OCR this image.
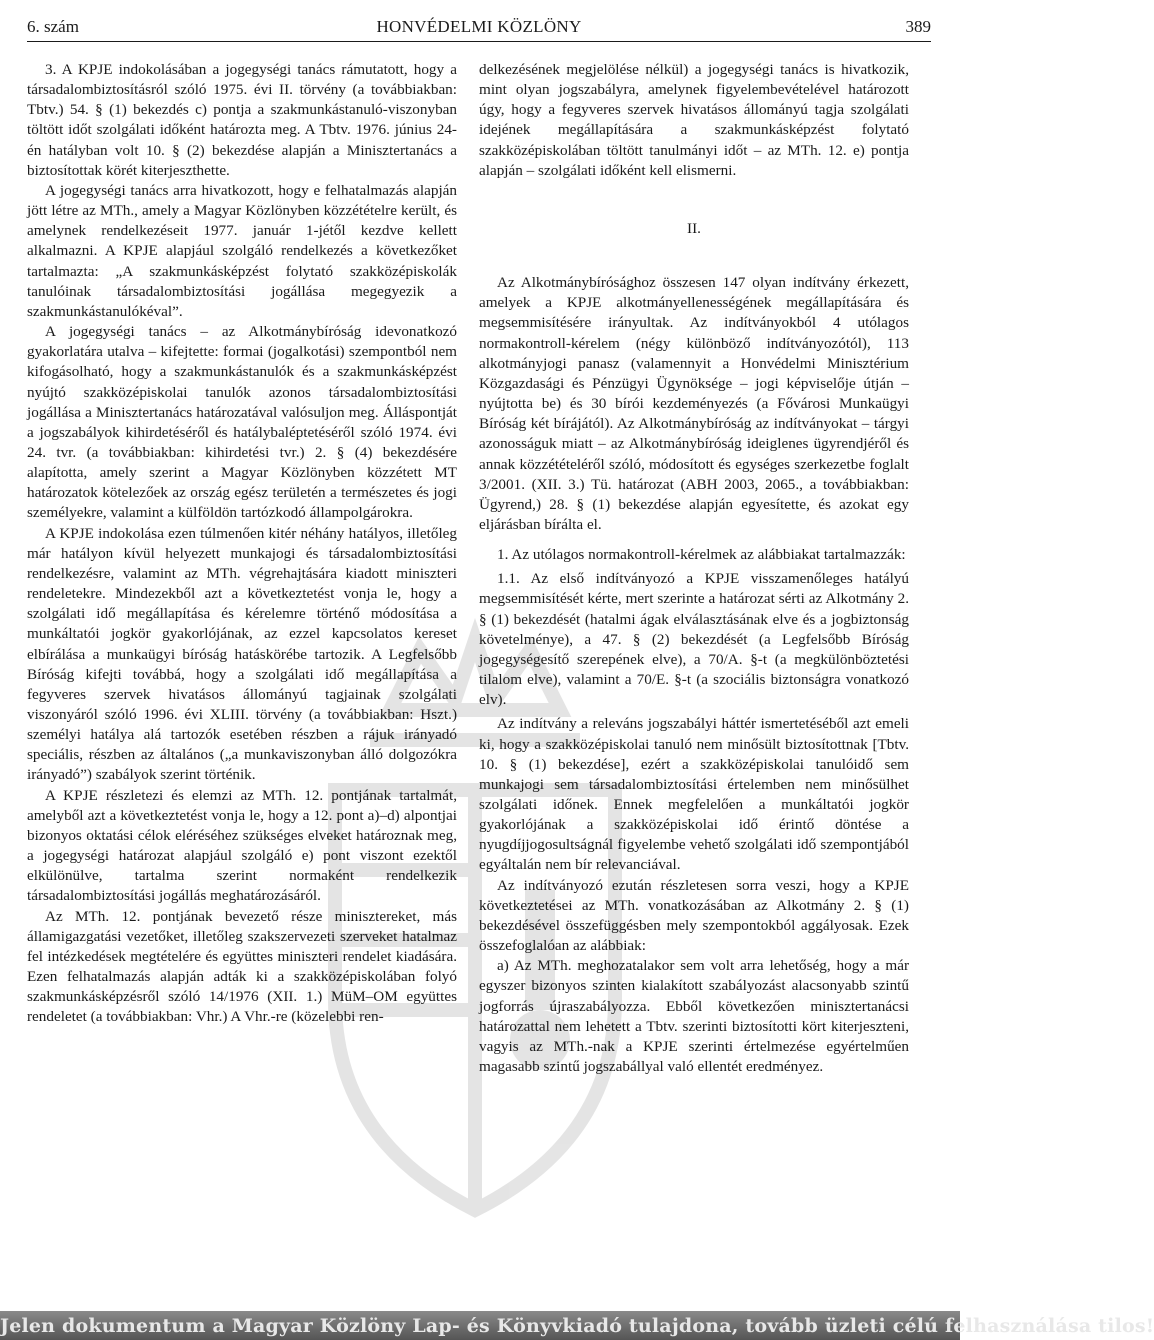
6. szám	HONVÉDELMI KÖZLÖNY	389

3. A KPJE indokolásában a jogegységi tanács rámutatott, hogy a társadalombiztosításról szóló 1975. évi II. törvény (a továbbiakban: Tbtv.) 54. § (1) bekezdés c) pontja a szakmunkástanuló-viszonyban töltött időt szolgálati időként határozta meg. A Tbtv. 1976. június 24-én hatályban volt 10. § (2) bekezdése alapján a Minisztertanács a biztosítottak körét kiterjeszthette.

A jogegységi tanács arra hivatkozott, hogy e felhatalmazás alapján jött létre az MTh., amely a Magyar Közlönyben közzétételre került, és amelynek rendelkezéseit 1977. január 1-jétől kezdve kellett alkalmazni. A KPJE alapjául szolgáló rendelkezés a következőket tartalmazta: „A szakmunkásképzést folytató szakközépiskolák tanulóinak társadalombiztosítási jogállása megegyezik a szakmunkástanulókéval”.

A jogegységi tanács – az Alkotmánybíróság idevonatkozó gyakorlatára utalva – kifejtette: formai (jogalkotási) szempontból nem kifogásolható, hogy a szakmunkástanulók és a szakmunkásképzést nyújtó szakközépiskolai tanulók azonos társadalombiztosítási jogállása a Minisztertanács határozatával valósuljon meg. Álláspontját a jogszabályok kihirdetéséről és hatálybaléptetéséről szóló 1974. évi 24. tvr. (a továbbiakban: kihirdetési tvr.) 2. § (4) bekezdésére alapította, amely szerint a Magyar Közlönyben közzétett MT határozatok kötelezőek az ország egész területén a természetes és jogi személyekre, valamint a külföldön tartózkodó állampolgárokra.

A KPJE indokolása ezen túlmenően kitér néhány hatályos, illetőleg már hatályon kívül helyezett munkajogi és társadalombiztosítási rendelkezésre, valamint az MTh. végrehajtására kiadott miniszteri rendeletekre. Mindezekből azt a következtetést vonja le, hogy a szolgálati idő megállapítása és kérelemre történő módosítása a munkáltatói jogkör gyakorlójának, az ezzel kapcsolatos kereset elbírálása a munkaügyi bíróság hatáskörébe tartozik. A Legfelsőbb Bíróság kifejti továbbá, hogy a szolgálati idő megállapítása a fegyveres szervek hivatásos állományú tagjainak szolgálati viszonyáról szóló 1996. évi XLIII. törvény (a továbbiakban: Hszt.) személyi hatálya alá tartozók esetében részben a rájuk irányadó speciális, részben az általános („a munkaviszonyban álló dolgozókra irányadó”) szabályok szerint történik.

A KPJE részletezi és elemzi az MTh. 12. pontjának tartalmát, amelyből azt a következtetést vonja le, hogy a 12. pont a)–d) alpontjai bizonyos oktatási célok eléréséhez szükséges elveket határoznak meg, a jogegységi határozat alapjául szolgáló e) pont viszont ezektől elkülönülve, tartalma szerint normaként rendelkezik társadalombiztosítási jogállás meghatározásáról.

Az MTh. 12. pontjának bevezető része minisztereket, más államigazgatási vezetőket, illetőleg szakszervezeti szerveket hatalmaz fel intézkedések megtételére és együttes miniszteri rendelet kiadására. Ezen felhatalmazás alapján adták ki a szakközépiskolában folyó szakmunkásképzésről szóló 14/1976 (XII. 1.) MüM–OM együttes rendeletet (a továbbiakban: Vhr.) A Vhr.-re (közelebbi ren-

delkezésének megjelölése nélkül) a jogegységi tanács is hivatkozik, mint olyan jogszabályra, amelynek figyelembevételével határozott úgy, hogy a fegyveres szervek hivatásos állományú tagja szolgálati idejének megállapítására a szakmunkásképzést folytató szakközépiskolában töltött tanulmányi időt – az MTh. 12. e) pontja alapján – szolgálati időként kell elismerni.

II.

Az Alkotmánybírósághoz összesen 147 olyan indítvány érkezett, amelyek a KPJE alkotmányellenességének megállapítására és megsemmisítésére irányultak. Az indítványokból 4 utólagos normakontroll-kérelem (négy különböző indítványozótól), 113 alkotmányjogi panasz (valamennyit a Honvédelmi Minisztérium Közgazdasági és Pénzügyi Ügynöksége – jogi képviselője útján – nyújtotta be) és 30 bírói kezdeményezés (a Fővárosi Munkaügyi Bíróság két bírájától). Az Alkotmánybíróság az indítványokat – tárgyi azonosságuk miatt – az Alkotmánybíróság ideiglenes ügyrendjéről és annak közzétételéről szóló, módosított és egységes szerkezetbe foglalt 3/2001. (XII. 3.) Tü. határozat (ABH 2003, 2065., a továbbiakban: Ügyrend,) 28. § (1) bekezdése alapján egyesítette, és azokat egy eljárásban bírálta el.

1. Az utólagos normakontroll-kérelmek az alábbiakat tartalmazzák:

1.1. Az első indítványozó a KPJE visszamenőleges hatályú megsemmisítését kérte, mert szerinte a határozat sérti az Alkotmány 2. § (1) bekezdését (hatalmi ágak elválasztásának elve és a jogbiztonság követelménye), a 47. § (2) bekezdését (a Legfelsőbb Bíróság jogegységesítő szerepének elve), a 70/A. §-t (a megkülönböztetési tilalom elve), valamint a 70/E. §-t (a szociális biztonságra vonatkozó elv).

Az indítvány a releváns jogszabályi háttér ismertetéséből azt emeli ki, hogy a szakközépiskolai tanuló nem minősült biztosítottnak [Tbtv. 10. § (1) bekezdése], ezért a szakközépiskolai tanulóidő sem munkajogi sem társadalombiztosítási értelemben nem minősülhet szolgálati időnek. Ennek megfelelően a munkáltatói jogkör gyakorlójának a szakközépiskolai idő érintő döntése a nyugdíjjogosultságnál figyelembe vehető szolgálati idő szempontjából egyáltalán nem bír relevanciával.

Az indítványozó ezután részletesen sorra veszi, hogy a KPJE következtetései az MTh. vonatkozásában az Alkotmány 2. § (1) bekezdésével összefüggésben mely szempontokból aggályosak. Ezek összefoglalóan az alábbiak:

a) Az MTh. meghozatalakor sem volt arra lehetőség, hogy a már egyszer bizonyos szinten kialakított szabályozást alacsonyabb szintű jogforrás újraszabályozza. Ebből következően minisztertanácsi határozattal nem lehetett a Tbtv. szerinti biztosítotti kört kiterjeszteni, vagyis az MTh.-nak a KPJE szerinti értelmezése egyértelműen magasabb szintű jogszabállyal való ellentét eredményez.

Jelen dokumentum a Magyar Közlöny Lap- és Könyvkiadó tulajdona, tovább üzleti célú felhasználása tilos!
